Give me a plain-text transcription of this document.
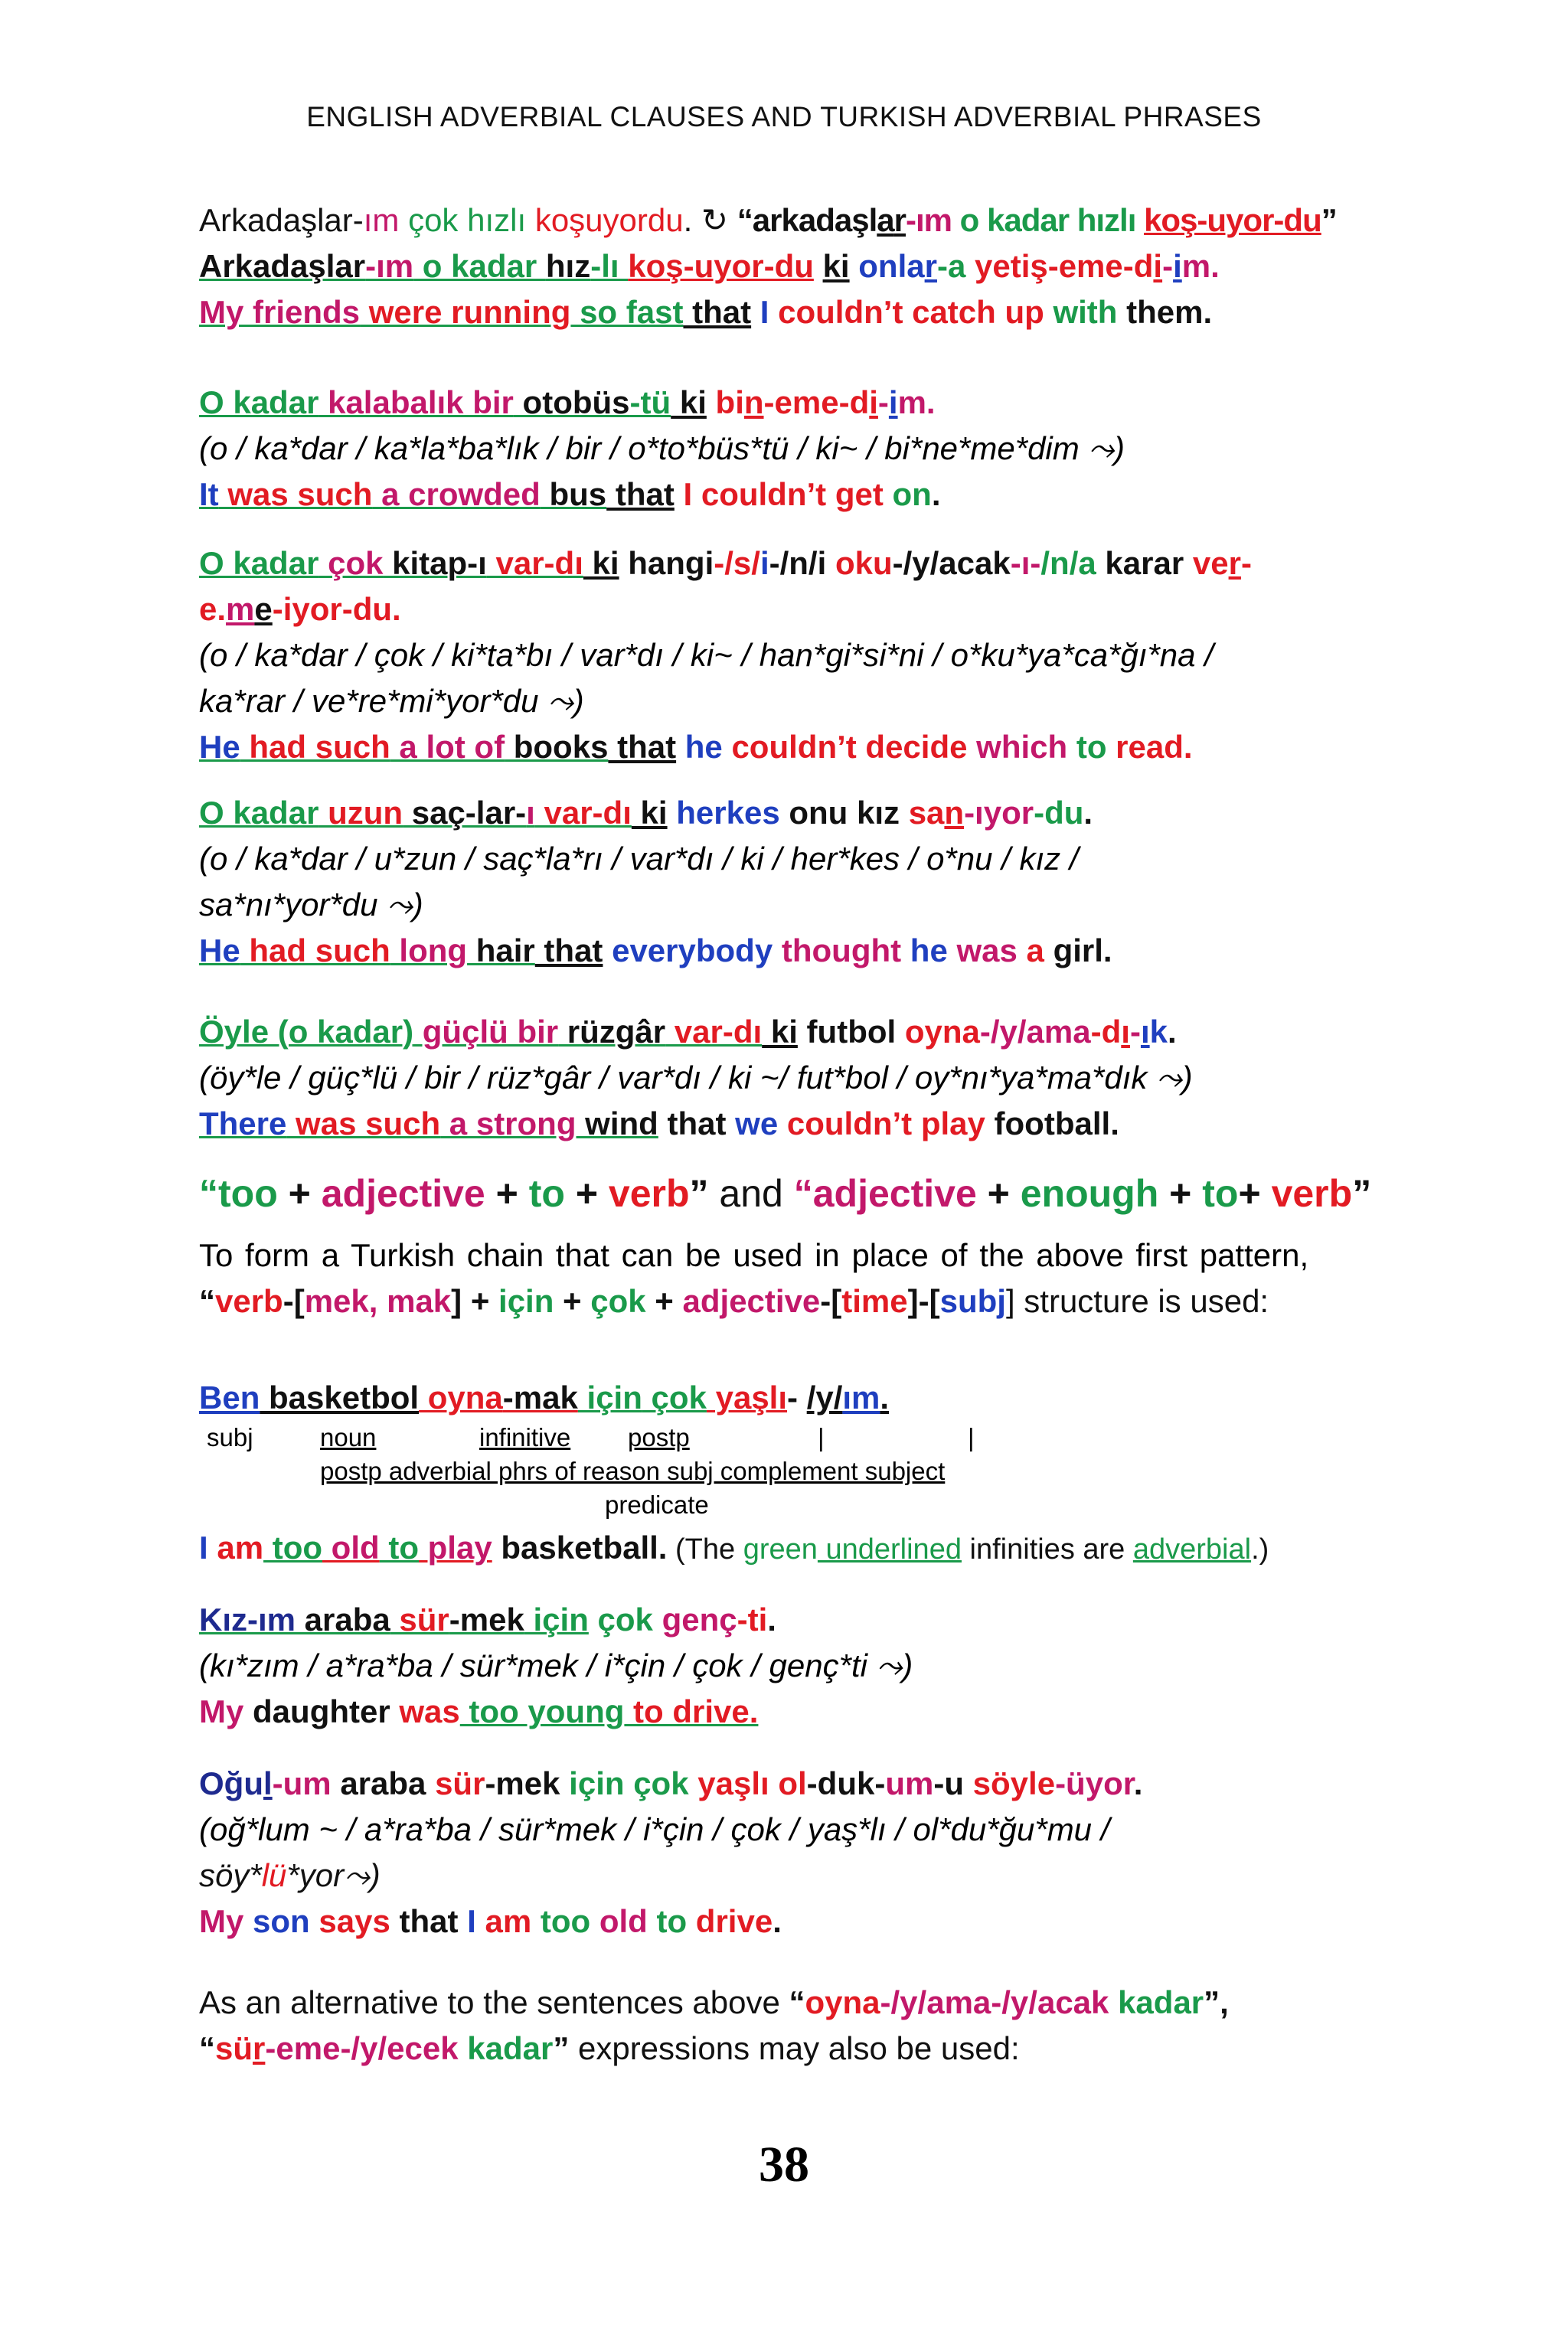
ENGLISH ADVERBIAL CLAUSES AND TURKISH ADVERBIAL PHRASES
Arkadaşlar-ım çok hızlı koşuyordu. ↻ “arkadaşlar-ım o kadar hızlı koş-uyor-du”
Arkadaşlar-ım o kadar hız-lı koş-uyor-du ki onlar-a yetiş-eme-di-im.
My friends were running so fast that I couldn’t catch up with them.
O kadar kalabalık bir otobüs-tü ki bin-eme-di-im.
(o / ka*dar / ka*la*ba*lık / bir / o*to*büs*tü / ki~ / bi*ne*me*dim ⤳)
It was such a crowded bus that I couldn’t get on.
O kadar çok kitap-ı var-dı ki hangi-/s/i-/n/i oku-/y/acak-ı-/n/a karar ver-
e.me-iyor-du.
(o / ka*dar / çok / ki*ta*bı / var*dı / ki~ / han*gi*si*ni / o*ku*ya*ca*ğı*na /
ka*rar / ve*re*mi*yor*du ⤳)
He had such a lot of books that he couldn’t decide which to read.
O kadar uzun saç-lar-ı var-dı ki herkes onu kız san-ıyor-du.
(o / ka*dar / u*zun / saç*la*rı / var*dı / ki / her*kes / o*nu / kız /
sa*nı*yor*du ⤳)
He had such long hair that everybody thought he was a girl.
Öyle (o kadar) güçlü bir rüzgâr var-dı ki futbol oyna-/y/ama-dı-ık.
(öy*le / güç*lü / bir / rüz*gâr / var*dı / ki ~/ fut*bol / oy*nı*ya*ma*dık ⤳)
There was such a strong wind that we couldn’t play football.
“too + adjective + to + verb” and “adjective + enough + to+ verb”
To form a Turkish chain that can be used in place of the above first pattern,
“verb-[mek, mak] + için + çok + adjective-[time]-[subj] structure is used:
Ben basketbol oyna-mak için çok yaşlı- /y/ım.
subj	noun	infinitive	postp	|	|
postp adverbial phrs of reason subj complement subject
predicate
I am too old to play basketball. (The green underlined infinities are adverbial.)
Kız-ım araba sür-mek için çok genç-ti.
(kı*zım / a*ra*ba / sür*mek / i*çin / çok / genç*ti ⤳)
My daughter was too young to drive.
Oğul-um araba sür-mek için çok yaşlı ol-duk-um-u söyle-üyor.
(oğ*lum ~ / a*ra*ba / sür*mek / i*çin / çok / yaş*lı / ol*du*ğu*mu /
söy*lü*yor⤳)
My son says that I am too old to drive.
As an alternative to the sentences above “oyna-/y/ama-/y/acak kadar”,
“sür-eme-/y/ecek kadar” expressions may also be used:
38
